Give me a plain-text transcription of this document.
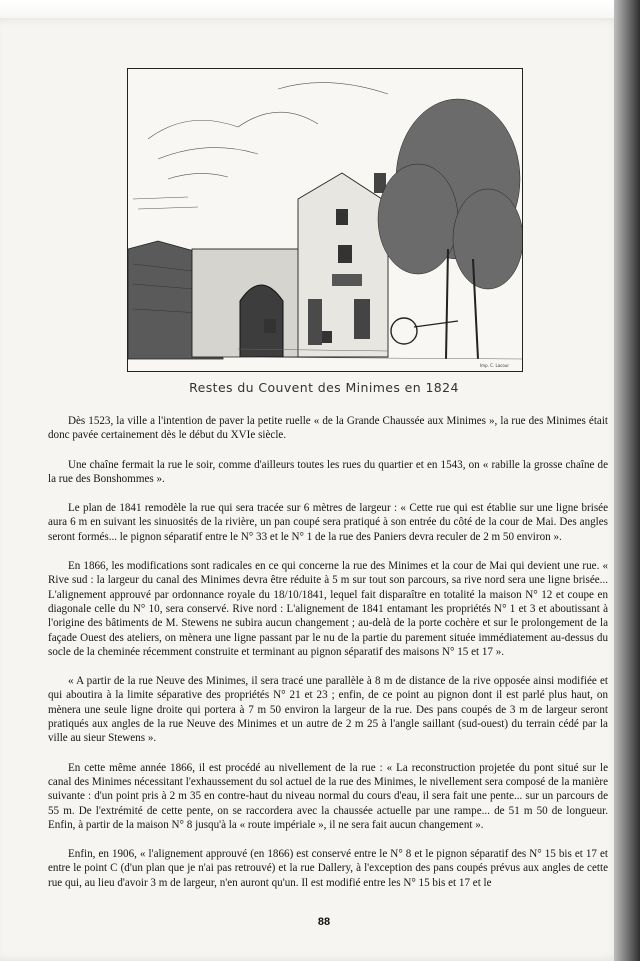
Imp. C. Lacour
Restes du Couvent des Minimes en 1824

Dès 1523, la ville a l'intention de paver la petite ruelle « de la Grande Chaussée aux Minimes », la rue des Minimes était donc pavée certainement dès le début du XVIe siècle.

Une chaîne fermait la rue le soir, comme d'ailleurs toutes les rues du quartier et en 1543, on « rabille la grosse chaîne de la rue des Bonshommes ».

Le plan de 1841 remodèle la rue qui sera tracée sur 6 mètres de largeur : « Cette rue qui est établie sur une ligne brisée aura 6 m en suivant les sinuosités de la rivière, un pan coupé sera pratiqué à son entrée du côté de la cour de Mai. Des angles seront formés... le pignon séparatif entre le N° 33 et le N° 1 de la rue des Paniers devra reculer de 2 m 50 environ ».

En 1866, les modifications sont radicales en ce qui concerne la rue des Minimes et la cour de Mai qui devient une rue. « Rive sud : la largeur du canal des Minimes devra être réduite à 5 m sur tout son parcours, sa rive nord sera une ligne brisée... L'alignement approuvé par ordonnance royale du 18/10/1841, lequel fait disparaître en totalité la maison N° 12 et coupe en diagonale celle du N° 10, sera conservé. Rive nord : L'alignement de 1841 entamant les propriétés N° 1 et 3 et aboutissant à l'origine des bâtiments de M. Stewens ne subira aucun changement ; au-delà de la porte cochère et sur le prolongement de la façade Ouest des ateliers, on mènera une ligne passant par le nu de la partie du parement située immédiatement au-dessus du socle de la cheminée récemment construite et terminant au pignon séparatif des maisons N° 15 et 17 ».

« A partir de la rue Neuve des Minimes, il sera tracé une parallèle à 8 m de distance de la rive opposée ainsi modifiée et qui aboutira à la limite séparative des propriétés N° 21 et 23 ; enfin, de ce point au pignon dont il est parlé plus haut, on mènera une seule ligne droite qui portera à 7 m 50 environ la largeur de la rue. Des pans coupés de 3 m de largeur seront pratiqués aux angles de la rue Neuve des Minimes et un autre de 2 m 25 à l'angle saillant (sud-ouest) du terrain cédé par la ville au sieur Stewens ».

En cette même année 1866, il est procédé au nivellement de la rue : « La reconstruction projetée du pont situé sur le canal des Minimes nécessitant l'exhaussement du sol actuel de la rue des Minimes, le nivellement sera composé de la manière suivante : d'un point pris à 2 m 35 en contre-haut du niveau normal du cours d'eau, il sera fait une pente... sur un parcours de 55 m. De l'extrémité de cette pente, on se raccordera avec la chaussée actuelle par une rampe... de 51 m 50 de longueur. Enfin, à partir de la maison N° 8 jusqu'à la « route impériale », il ne sera fait aucun changement ».

Enfin, en 1906, « l'alignement approuvé (en 1866) est conservé entre le N° 8 et le pignon séparatif des N° 15 bis et 17 et entre le point C (d'un plan que je n'ai pas retrouvé) et la rue Dallery, à l'exception des pans coupés prévus aux angles de cette rue qui, au lieu d'avoir 3 m de largeur, n'en auront qu'un. Il est modifié entre les N° 15 bis et 17 et le

88
